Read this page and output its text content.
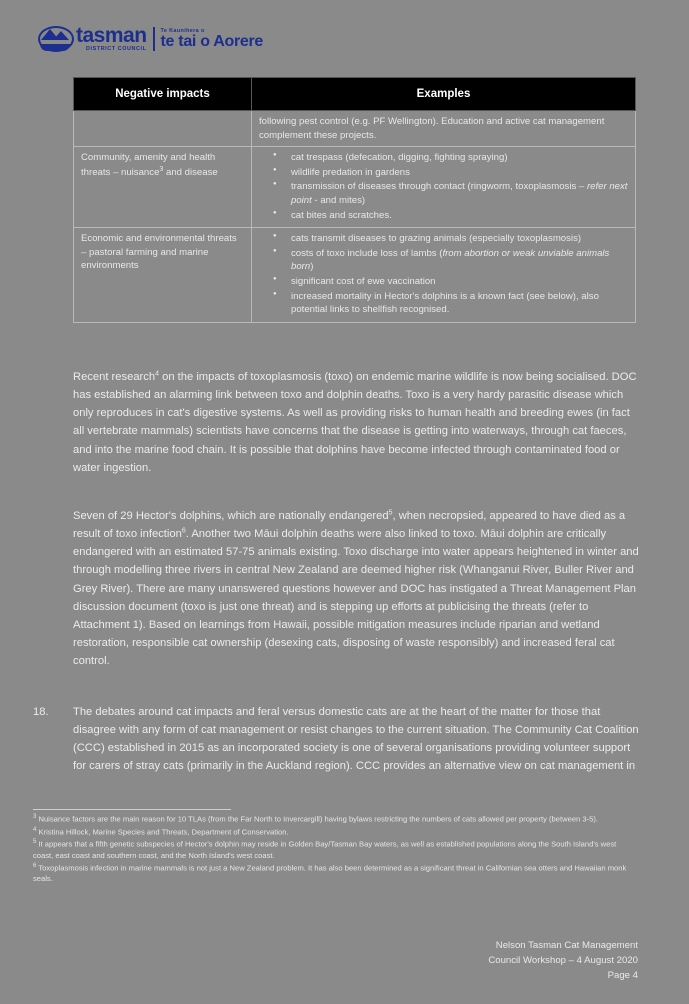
tasman
DISTRICT COUNCIL
Te Kaunihera o
te tai o Aorere
Negative impacts	Examples
	following pest control (e.g. PF Wellington). Education and active cat management complement these projects.
Community, amenity and health threats – nuisance$^3$ and disease	
● cat trespass (defecation, digging, fighting spraying)
● wildlife predation in gardens
● transmission of diseases through contact (ringworm, toxoplasmosis – refer next point - and mites)
● cat bites and scratches.

Economic and environmental threats – pastoral farming and marine environments	
● cats transmit diseases to grazing animals (especially toxoplasmosis)
● costs of toxo include loss of lambs (from abortion or weak unviable animals born)
● significant cost of ewe vaccination
● increased mortality in Hector's dolphins is a known fact (see below), also potential links to shellfish recognised.
Recent research$^4$ on the impacts of toxoplasmosis (toxo) on endemic marine wildlife is now being socialised. DOC has established an alarming link between toxo and dolphin deaths. Toxo is a very hardy parasitic disease which only reproduces in cat's digestive systems. As well as providing risks to human health and breeding ewes (in fact all vertebrate mammals) scientists have concerns that the disease is getting into waterways, through cat faeces, and into the marine food chain. It is possible that dolphins have become infected through contaminated food or water ingestion.
Seven of 29 Hector's dolphins, which are nationally endangered$^5$, when necropsied, appeared to have died as a result of toxo infection$^6$. Another two Māui dolphin deaths were also linked to toxo. Māui dolphin are critically endangered with an estimated 57-75 animals existing. Toxo discharge into water appears heightened in winter and through modelling three rivers in central New Zealand are deemed higher risk (Whanganui River, Buller River and Grey River). There are many unanswered questions however and DOC has instigated a Threat Management Plan discussion document (toxo is just one threat) and is stepping up efforts at publicising the threats (refer to Attachment 1). Based on learnings from Hawaii, possible mitigation measures include riparian and wetland restoration, responsible cat ownership (desexing cats, disposing of waste responsibly) and increased feral cat control.
18.	The debates around cat impacts and feral versus domestic cats are at the heart of the matter for those that disagree with any form of cat management or resist changes to the current situation. The Community Cat Coalition (CCC) established in 2015 as an incorporated society is one of several organisations providing volunteer support for carers of stray cats (primarily in the Auckland region). CCC provides an alternative view on cat management in

$^3$ Nuisance factors are the main reason for 10 TLAs (from the Far North to Invercargill) having bylaws restricting the numbers of cats allowed per property (between 3-5).

$^4$ Kristina Hillock, Marine Species and Threats, Department of Conservation.

$^5$ It appears that a fifth genetic subspecies of Hector's dolphin may reside in Golden Bay/Tasman Bay waters, as well as established populations along the South Island's west coast, east coast and southern coast, and the North Island's west coast.

$^6$ Toxoplasmosis infection in marine mammals is not just a New Zealand problem. It has also been determined as a significant threat in Californian sea otters and Hawaiian monk seals.

Nelson Tasman Cat Management
Council Workshop – 4 August 2020
Page 4
